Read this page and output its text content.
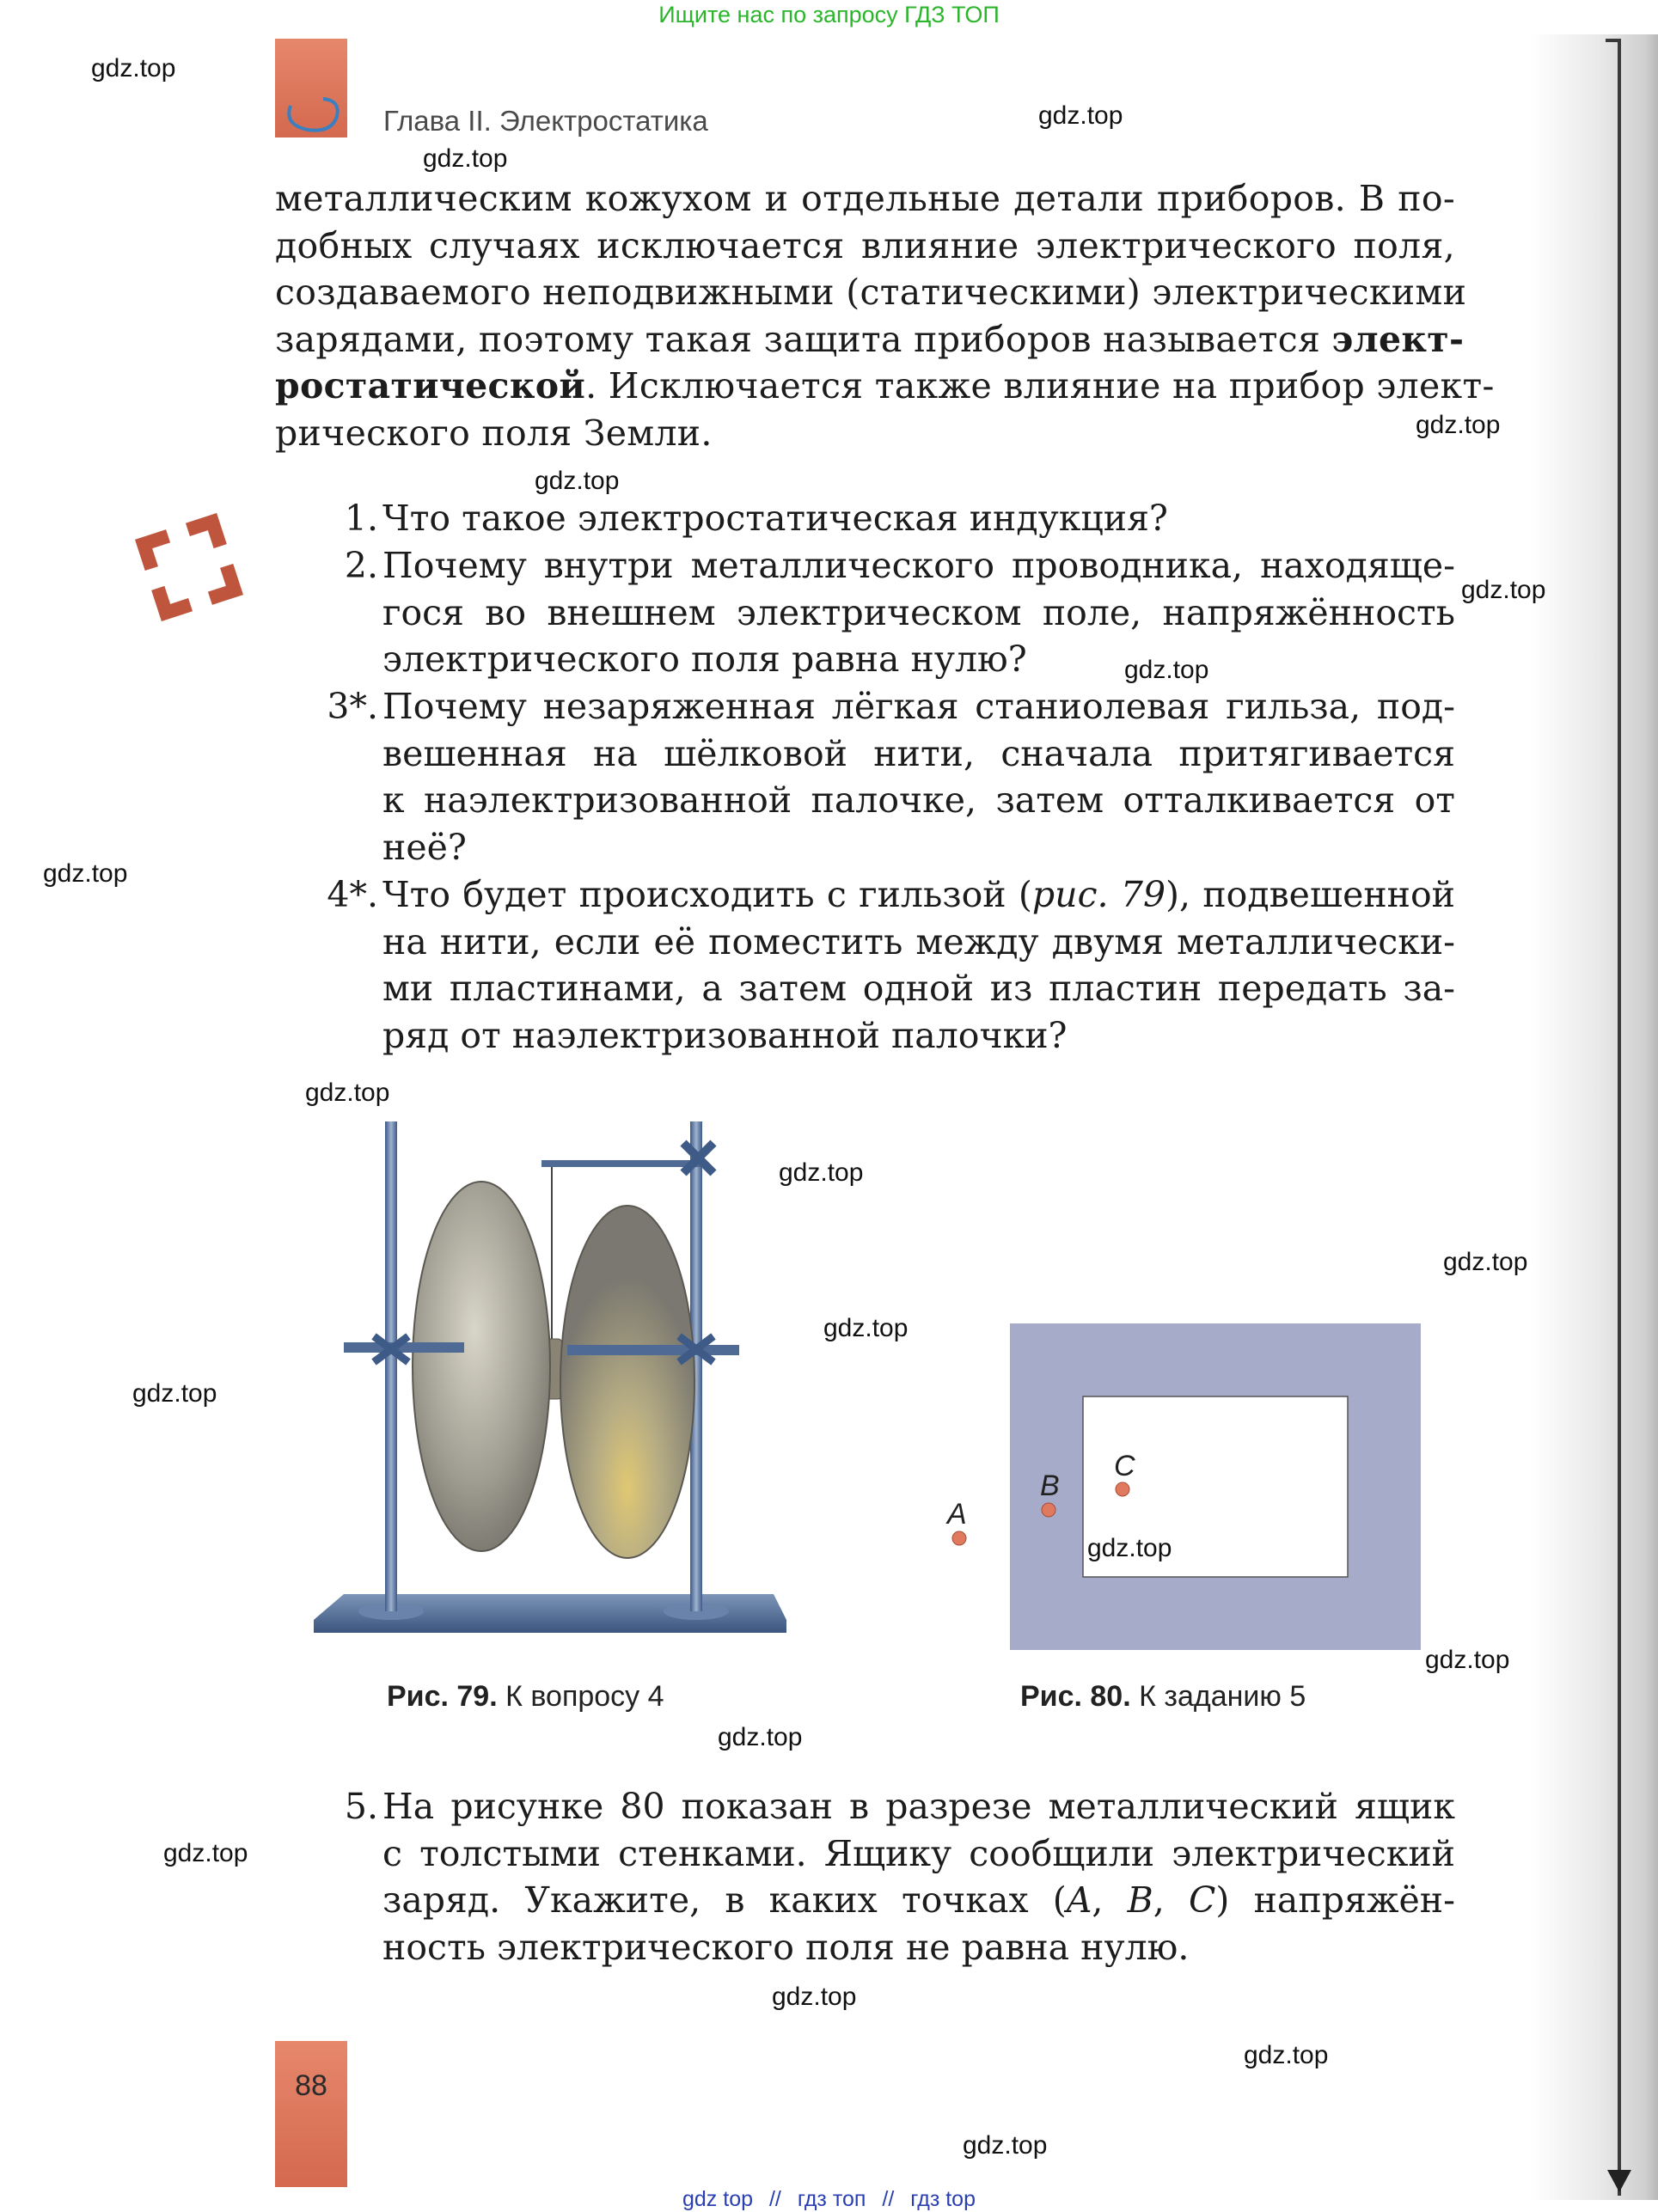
Ищите нас по запросу ГДЗ ТОП
Глава II. Электростатика
металлическим кожухом и отдельные детали приборов. В по-
добных случаях исключается влияние электрического поля,
создаваемого неподвижными (статическими) электрическими
зарядами, поэтому такая защита приборов называется элект-
ростатической. Исключается также влияние на прибор элект-
рического поля Земли.
1. Что такое электростатическая индукция?
2. Почему внутри металлического проводника, находяще-
гося во внешнем электрическом поле, напряжённость
электрического поля равна нулю?
3*. Почему незаряженная лёгкая станиолевая гильза, под-
вешенная на шёлковой нити, сначала притягивается
к наэлектризованной палочке, затем отталкивается от
неё?
4*. Что будет происходить с гильзой (рис. 79), подвешенной
на нити, если её поместить между двумя металлически-
ми пластинами, а затем одной из пластин передать за-
ряд от наэлектризованной палочки?
Рис. 79. К вопросу 4
A
B
C
Рис. 80. К заданию 5
5. На рисунке 80 показан в разрезе металлический ящик
с толстыми стенками. Ящику сообщили электрический
заряд. Укажите, в каких точках (A, B, C) напряжён-
ность электрического поля не равна нулю.
88
gdz.top
gdz.top
gdz.top
gdz.top
gdz.top
gdz.top
gdz.top
gdz.top
gdz.top
gdz.top
gdz.top
gdz.top
gdz.top
gdz.top
gdz.top
gdz.top
gdz.top
gdz.top
gdz.top
gdz.top
gdz top // гдз топ // гдз top
